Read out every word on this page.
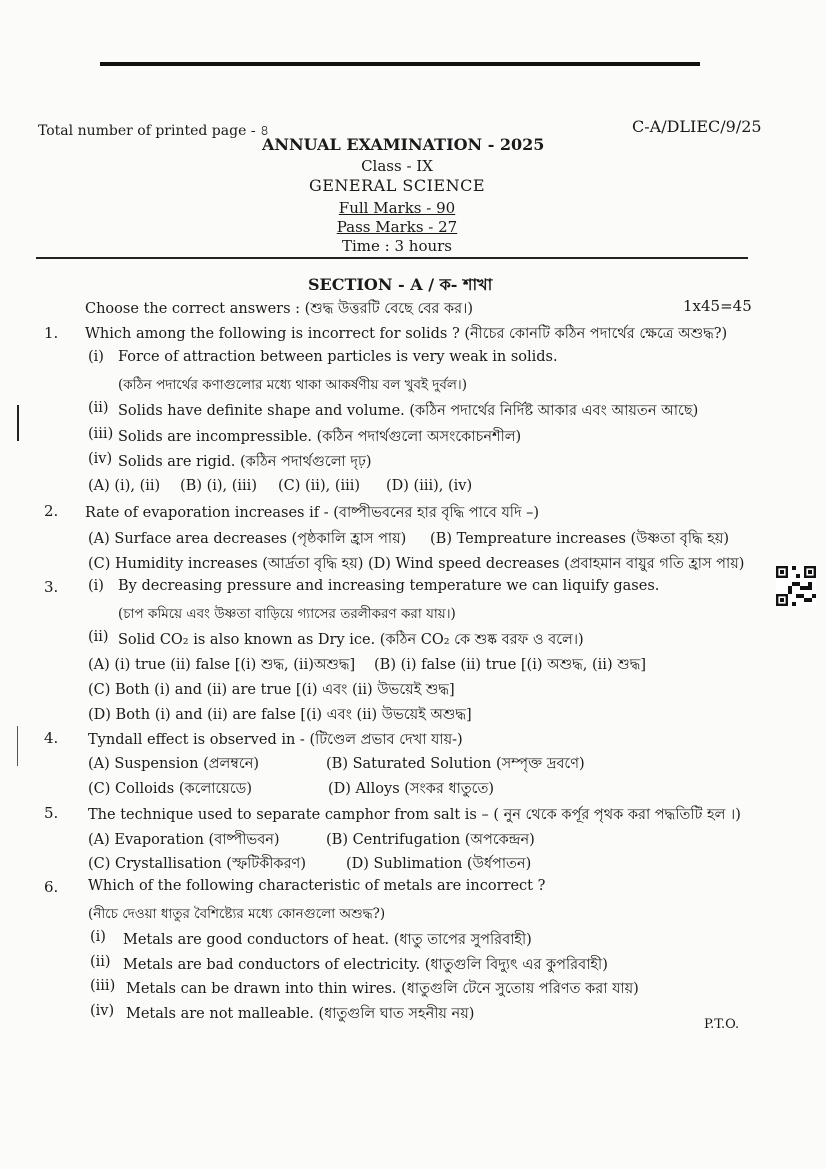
Total number of printed page - ৪	C-A/DLIEC/9/25
ANNUAL EXAMINATION - 2025
Class - IX
GENERAL SCIENCE
Full Marks - 90
Pass Marks - 27
Time : 3 hours
SECTION - A / ক- শাখা
Choose the correct answers : (শুদ্ধ উত্তরটি বেছে বের কর।)	1x45=45
1. Which among the following is incorrect for solids ? (নীচের কোনটি কঠিন পদার্থের ক্ষেত্রে অশুদ্ধ?)
(i) Force of attraction between particles is very weak in solids.
(কঠিন পদার্থের কণাগুলোর মধ্যে থাকা আকর্ষণীয় বল খুবই দুর্বল।)
(ii) Solids have definite shape and volume. (কঠিন পদার্থের নির্দিষ্ট আকার এবং আয়তন আছে)
(iii) Solids are incompressible. (কঠিন পদার্থগুলো অসংকোচনশীল)
(iv) Solids are rigid. (কঠিন পদার্থগুলো দৃঢ়)
(A) (i), (ii) (B) (i), (iii) (C) (ii), (iii) (D) (iii), (iv)
2. Rate of evaporation increases if - (বাষ্পীভবনের হার বৃদ্ধি পাবে যদি –)
(A) Surface area decreases (পৃষ্ঠকালি হ্রাস পায়) (B) Tempreature increases (উষ্ণতা বৃদ্ধি হয়)
(C) Humidity increases (আর্দ্রতা বৃদ্ধি হয়) (D) Wind speed decreases (প্রবাহমান বায়ুর গতি হ্রাস পায়)
3. (i) By decreasing pressure and increasing temperature we can liquify gases.
(চাপ কমিয়ে এবং উষ্ণতা বাড়িয়ে গ্যাসের তরলীকরণ করা যায়।)
(ii) Solid CO₂ is also known as Dry ice. (কঠিন CO₂ কে শুষ্ক বরফ ও বলে।)
(A) (i) true (ii) false [(i) শুদ্ধ, (ii)অশুদ্ধ] (B) (i) false (ii) true [(i) অশুদ্ধ, (ii) শুদ্ধ]
(C) Both (i) and (ii) are true [(i) এবং (ii) উভয়েই শুদ্ধ]
(D) Both (i) and (ii) are false [(i) এবং (ii) উভয়েই অশুদ্ধ]
4. Tyndall effect is observed in - (টিণ্ডেল প্রভাব দেখা যায়-)
(A) Suspension (প্রলম্বনে)	(B) Saturated Solution (সম্পৃক্ত দ্রবণে)
(C) Colloids (কলোয়েডে)	(D) Alloys (সংকর ধাতুতে)
5. The technique used to separate camphor from salt is – ( নুন থেকে কর্পূর পৃথক করা পদ্ধতিটি হল ।)
(A) Evaporation (বাষ্পীভবন)	(B) Centrifugation (অপকেন্দ্রন)
(C) Crystallisation (স্ফটিকীকরণ)	(D) Sublimation (উর্ধপাতন)
6. Which of the following characteristic of metals are incorrect ?
(নীচে দেওয়া ধাতুর বৈশিষ্ট্যের মধ্যে কোনগুলো অশুদ্ধ?)
(i) Metals are good conductors of heat. (ধাতু তাপের সুপরিবাহী)
(ii) Metals are bad conductors of electricity. (ধাতুগুলি বিদ্যুৎ এর কুপরিবাহী)
(iii) Metals can be drawn into thin wires. (ধাতুগুলি টেনে সুতোয় পরিণত করা যায়)
(iv) Metals are not malleable. (ধাতুগুলি ঘাত সহনীয় নয়)
P.T.O.
